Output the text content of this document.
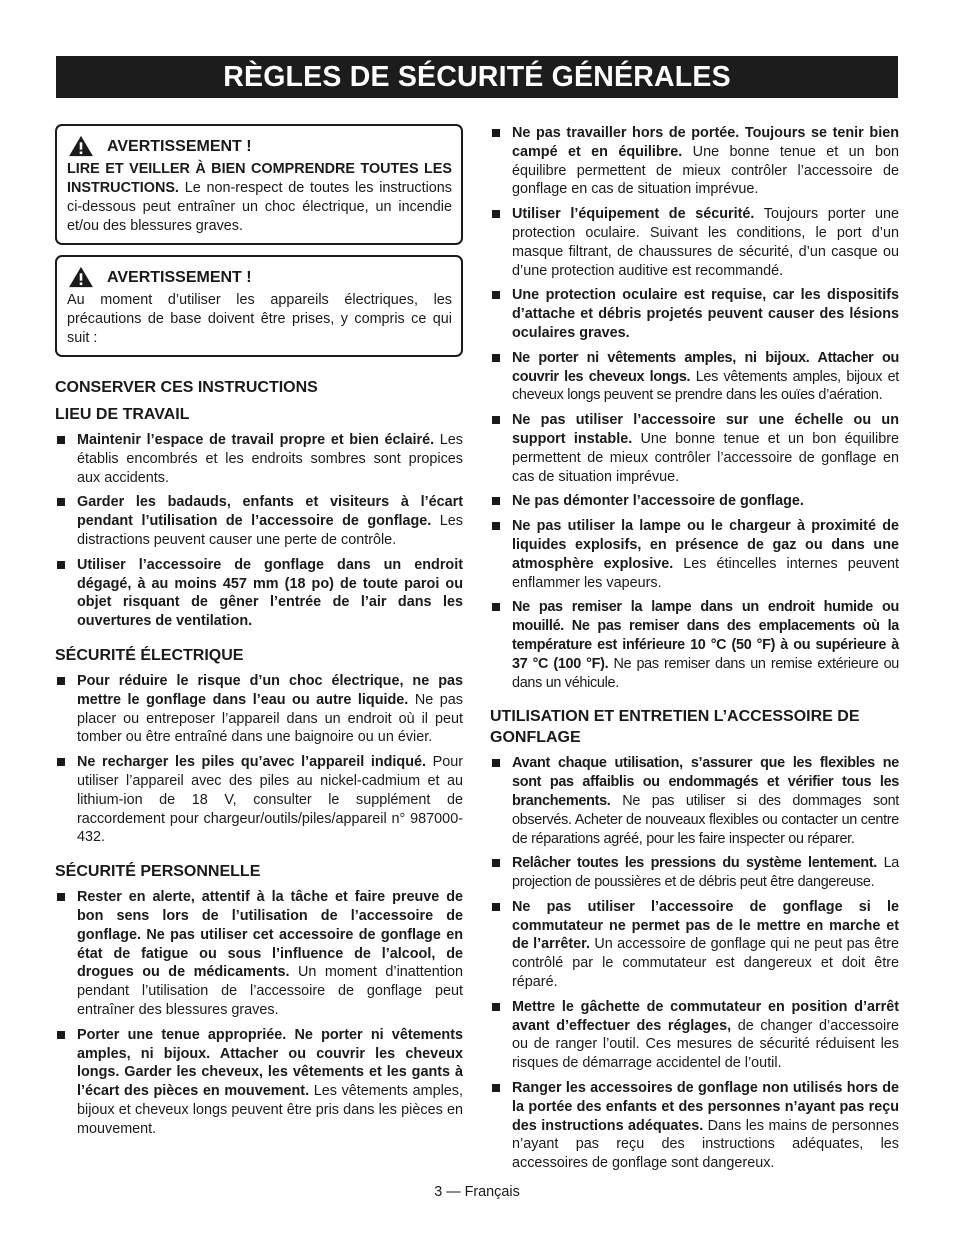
RÈGLES DE SÉCURITÉ GÉNÉRALES
AVERTISSEMENT !
LIRE ET VEILLER À BIEN COMPRENDRE TOUTES LES INSTRUCTIONS. Le non-respect de toutes les instructions ci-dessous peut entraîner un choc électrique, un incendie et/ou des blessures graves.
AVERTISSEMENT !
Au moment d’utiliser les appareils électriques, les précautions de base doivent être prises, y compris ce qui suit :
CONSERVER CES INSTRUCTIONS
LIEU DE TRAVAIL
Maintenir l’espace de travail propre et bien éclairé. Les établis encombrés et les endroits sombres sont propices aux accidents.
Garder les badauds, enfants et visiteurs à l’écart pendant l’utilisation de l’accessoire de gonflage. Les distractions peuvent causer une perte de contrôle.
Utiliser l’accessoire de gonflage dans un endroit dégagé, à au moins 457 mm (18 po) de toute paroi ou objet risquant de gêner l’entrée de l’air dans les ouvertures de ventilation.
SÉCURITÉ ÉLECTRIQUE
Pour réduire le risque d’un choc électrique, ne pas mettre le gonflage dans l’eau ou autre liquide. Ne pas placer ou entreposer l’appareil dans un endroit où il peut tomber ou être entraîné dans une baignoire ou un évier.
Ne recharger les piles qu’avec l’appareil indiqué. Pour utiliser l’appareil avec des piles au nickel-cadmium et au lithium-ion de 18 V, consulter le supplément de raccordement pour chargeur/outils/piles/appareil n° 987000-432.
SÉCURITÉ PERSONNELLE
Rester en alerte, attentif à la tâche et faire preuve de bon sens lors de l’utilisation de l’accessoire de gonflage. Ne pas utiliser cet accessoire de gonflage en état de fatigue ou sous l’influence de l’alcool, de drogues ou de médicaments. Un moment d’inattention pendant l’utilisation de l’accessoire de gonflage peut entraîner des blessures graves.
Porter une tenue appropriée. Ne porter ni vêtements amples, ni bijoux. Attacher ou couvrir les cheveux longs. Garder les cheveux, les vêtements et les gants à l’écart des pièces en mouvement. Les vêtements amples, bijoux et cheveux longs peuvent être pris dans les pièces en mouvement.
Ne pas travailler hors de portée. Toujours se tenir bien campé et en équilibre. Une bonne tenue et un bon équilibre permettent de mieux contrôler l’accessoire de gonflage en cas de situation imprévue.
Utiliser l’équipement de sécurité. Toujours porter une protection oculaire. Suivant les conditions, le port d’un masque filtrant, de chaussures de sécurité, d’un casque ou d’une protection auditive est recommandé.
Une protection oculaire est requise, car les dispositifs d’attache et débris projetés peuvent causer des lésions oculaires graves.
Ne porter ni vêtements amples, ni bijoux. Attacher ou couvrir les cheveux longs. Les vêtements amples, bijoux et cheveux longs peuvent se prendre dans les ouïes d’aération.
Ne pas utiliser l’accessoire sur une échelle ou un support instable. Une bonne tenue et un bon équilibre permettent de mieux contrôler l’accessoire de gonflage en cas de situation imprévue.
Ne pas démonter l’accessoire de gonflage.
Ne pas utiliser la lampe ou le chargeur à proximité de liquides explosifs, en présence de gaz ou dans une atmosphère explosive. Les étincelles internes peuvent enflammer les vapeurs.
Ne pas remiser la lampe dans un endroit humide ou mouillé. Ne pas remiser dans des emplacements où la température est inférieure 10 °C (50 °F) à ou supérieure à 37 °C (100 °F). Ne pas remiser dans un remise extérieure ou dans un véhicule.
UTILISATION ET ENTRETIEN L’ACCESSOIRE DE GONFLAGE
Avant chaque utilisation, s’assurer que les flexibles ne sont pas affaiblis ou endommagés et vérifier tous les branchements. Ne pas utiliser si des dommages sont observés. Acheter de nouveaux flexibles ou contacter un centre de réparations agréé, pour les faire inspecter ou réparer.
Relâcher toutes les pressions du système lentement. La projection de poussières et de débris peut être dangereuse.
Ne pas utiliser l’accessoire de gonflage si le commutateur ne permet pas de le mettre en marche et de l’arrêter. Un accessoire de gonflage qui ne peut pas être contrôlé par le commutateur est dangereux et doit être réparé.
Mettre le gâchette de commutateur en position d’arrêt avant d’effectuer des réglages, de changer d’accessoire ou de ranger l’outil. Ces mesures de sécurité réduisent les risques de démarrage accidentel de l’outil.
Ranger les accessoires de gonflage non utilisés hors de la portée des enfants et des personnes n’ayant pas reçu des instructions adéquates. Dans les mains de personnes n’ayant pas reçu des instructions adéquates, les accessoires de gonflage sont dangereux.
3 — Français
